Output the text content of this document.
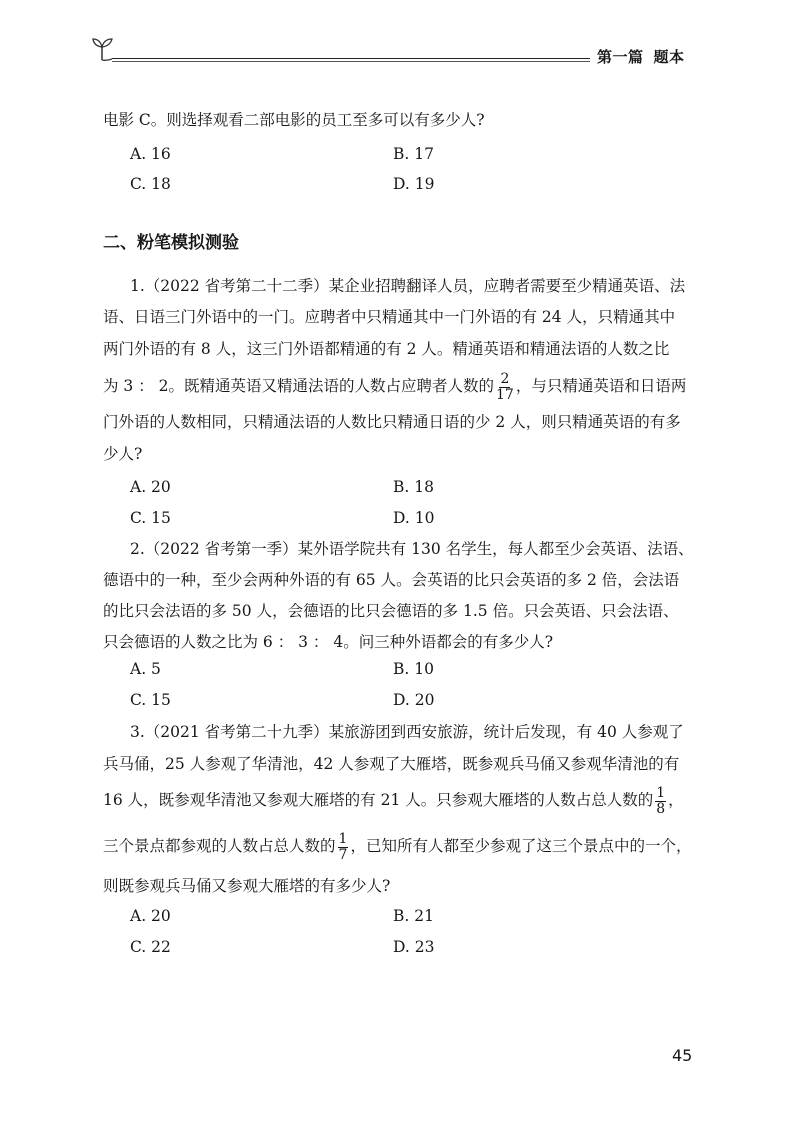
第一篇 题本
电影 C。则选择观看二部电影的员工至多可以有多少人?
A. 16	B. 17
C. 18	D. 19
二、粉笔模拟测验
1.（2022 省考第二十二季）某企业招聘翻译人员，应聘者需要至少精通英语、法
语、日语三门外语中的一门。应聘者中只精通其中一门外语的有 24 人，只精通其中
两门外语的有 8 人，这三门外语都精通的有 2 人。精通英语和精通法语的人数之比
为 3 ： 2。既精通英语又精通法语的人数占应聘者人数的 $\frac{2}{17}$ ，与只精通英语和日语两
门外语的人数相同，只精通法语的人数比只精通日语的少 2 人，则只精通英语的有多
少人?
A. 20	B. 18
C. 15	D. 10
2.（2022 省考第一季）某外语学院共有 130 名学生，每人都至少会英语、法语、
德语中的一种，至少会两种外语的有 65 人。会英语的比只会英语的多 2 倍，会法语
的比只会法语的多 50 人，会德语的比只会德语的多 1.5 倍。只会英语、只会法语、
只会德语的人数之比为 6 ： 3 ： 4。问三种外语都会的有多少人?
A. 5	B. 10
C. 15	D. 20
3.（2021 省考第二十九季）某旅游团到西安旅游，统计后发现，有 40 人参观了
兵马俑，25 人参观了华清池，42 人参观了大雁塔，既参观兵马俑又参观华清池的有
16 人，既参观华清池又参观大雁塔的有 21 人。只参观大雁塔的人数占总人数的 $\frac{1}{8}$ ，
三个景点都参观的人数占总人数的 $\frac{1}{7}$ ，已知所有人都至少参观了这三个景点中的一个，
则既参观兵马俑又参观大雁塔的有多少人?
A. 20	B. 21
C. 22	D. 23
45
